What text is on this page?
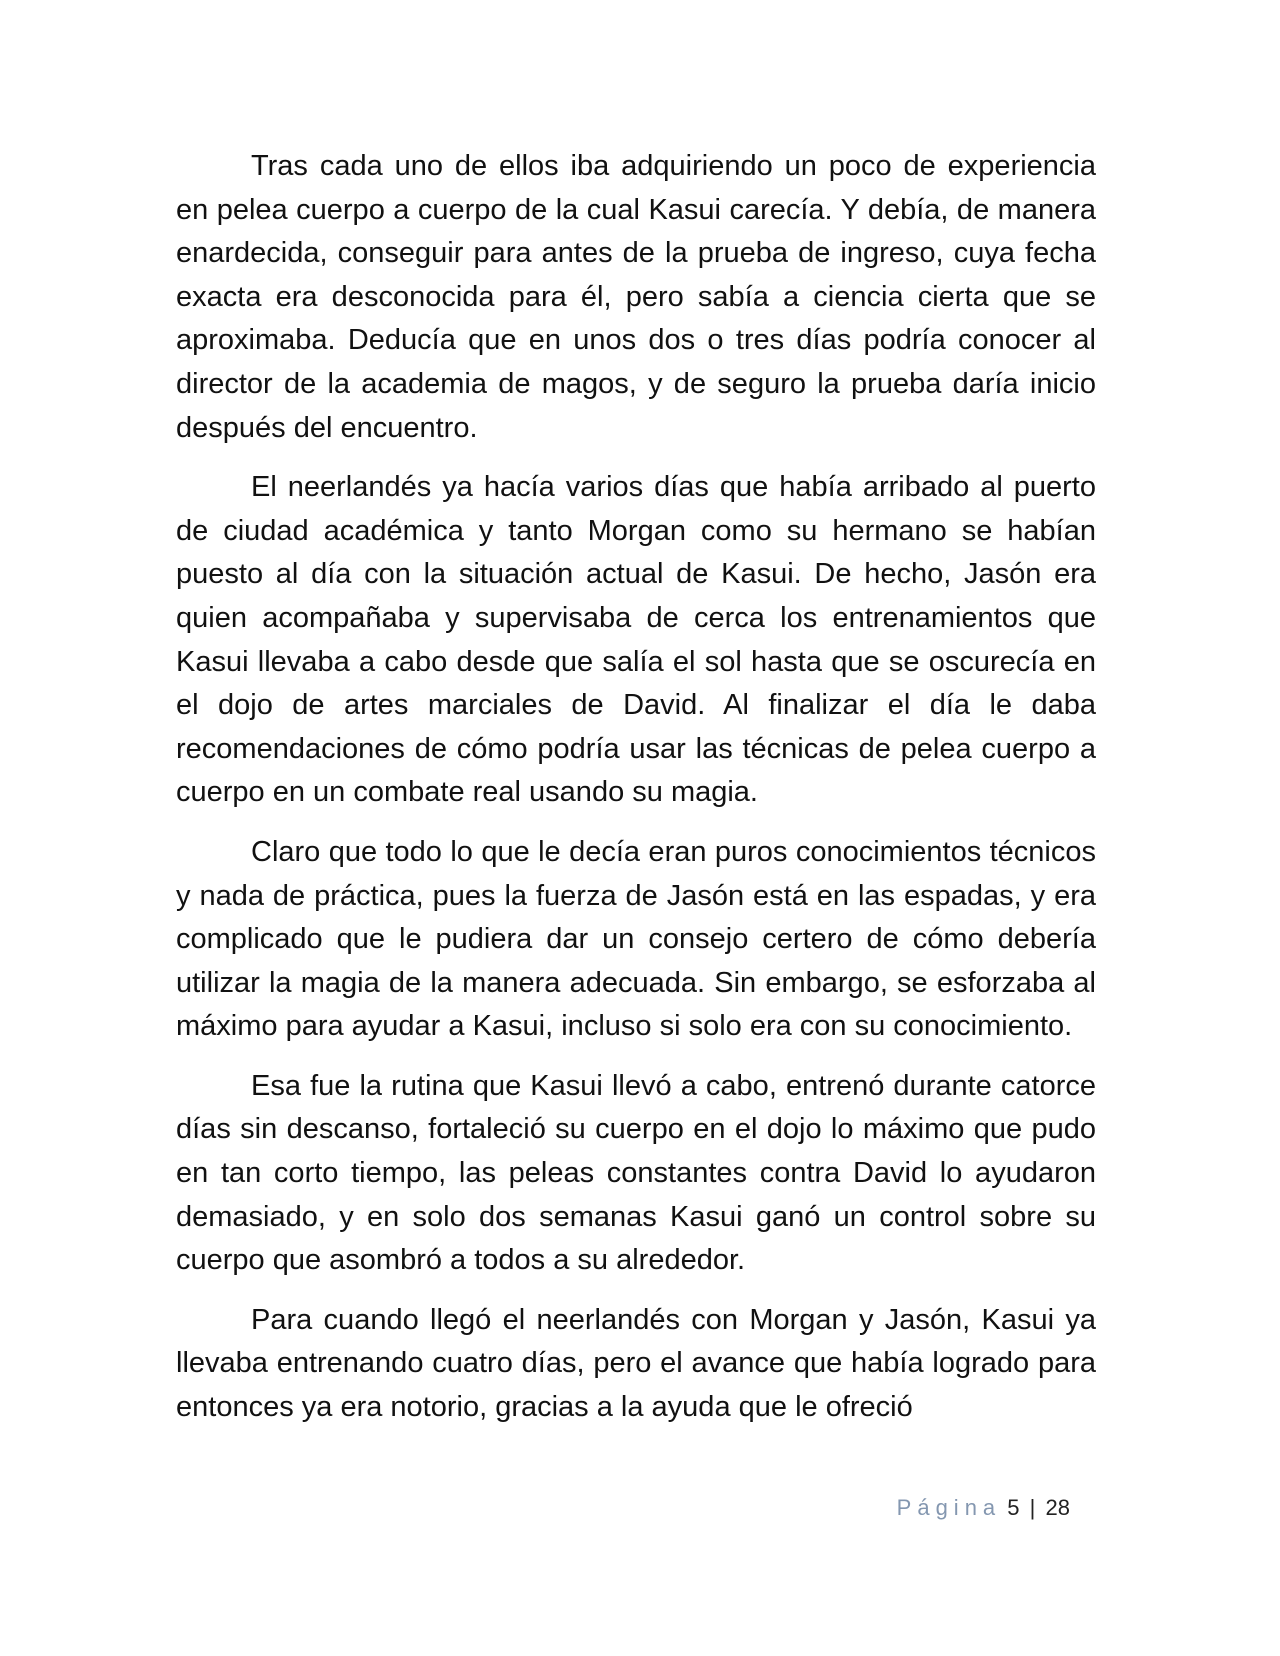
Tras cada uno de ellos iba adquiriendo un poco de experiencia en pelea cuerpo a cuerpo de la cual Kasui carecía. Y debía, de manera enardecida, conseguir para antes de la prueba de ingreso, cuya fecha exacta era desconocida para él, pero sabía a ciencia cierta que se aproximaba. Deducía que en unos dos o tres días podría conocer al director de la academia de magos, y de seguro la prueba daría inicio después del encuentro.

El neerlandés ya hacía varios días que había arribado al puerto de ciudad académica y tanto Morgan como su hermano se habían puesto al día con la situación actual de Kasui. De hecho, Jasón era quien acompañaba y supervisaba de cerca los entrenamientos que Kasui llevaba a cabo desde que salía el sol hasta que se oscurecía en el dojo de artes marciales de David. Al finalizar el día le daba recomendaciones de cómo podría usar las técnicas de pelea cuerpo a cuerpo en un combate real usando su magia.

Claro que todo lo que le decía eran puros conocimientos técnicos y nada de práctica, pues la fuerza de Jasón está en las espadas, y era complicado que le pudiera dar un consejo certero de cómo debería utilizar la magia de la manera adecuada. Sin embargo, se esforzaba al máximo para ayudar a Kasui, incluso si solo era con su conocimiento.

Esa fue la rutina que Kasui llevó a cabo, entrenó durante catorce días sin descanso, fortaleció su cuerpo en el dojo lo máximo que pudo en tan corto tiempo, las peleas constantes contra David lo ayudaron demasiado, y en solo dos semanas Kasui ganó un control sobre su cuerpo que asombró a todos a su alrededor.

Para cuando llegó el neerlandés con Morgan y Jasón, Kasui ya llevaba entrenando cuatro días, pero el avance que había logrado para entonces ya era notorio, gracias a la ayuda que le ofreció

Página 5 | 28
